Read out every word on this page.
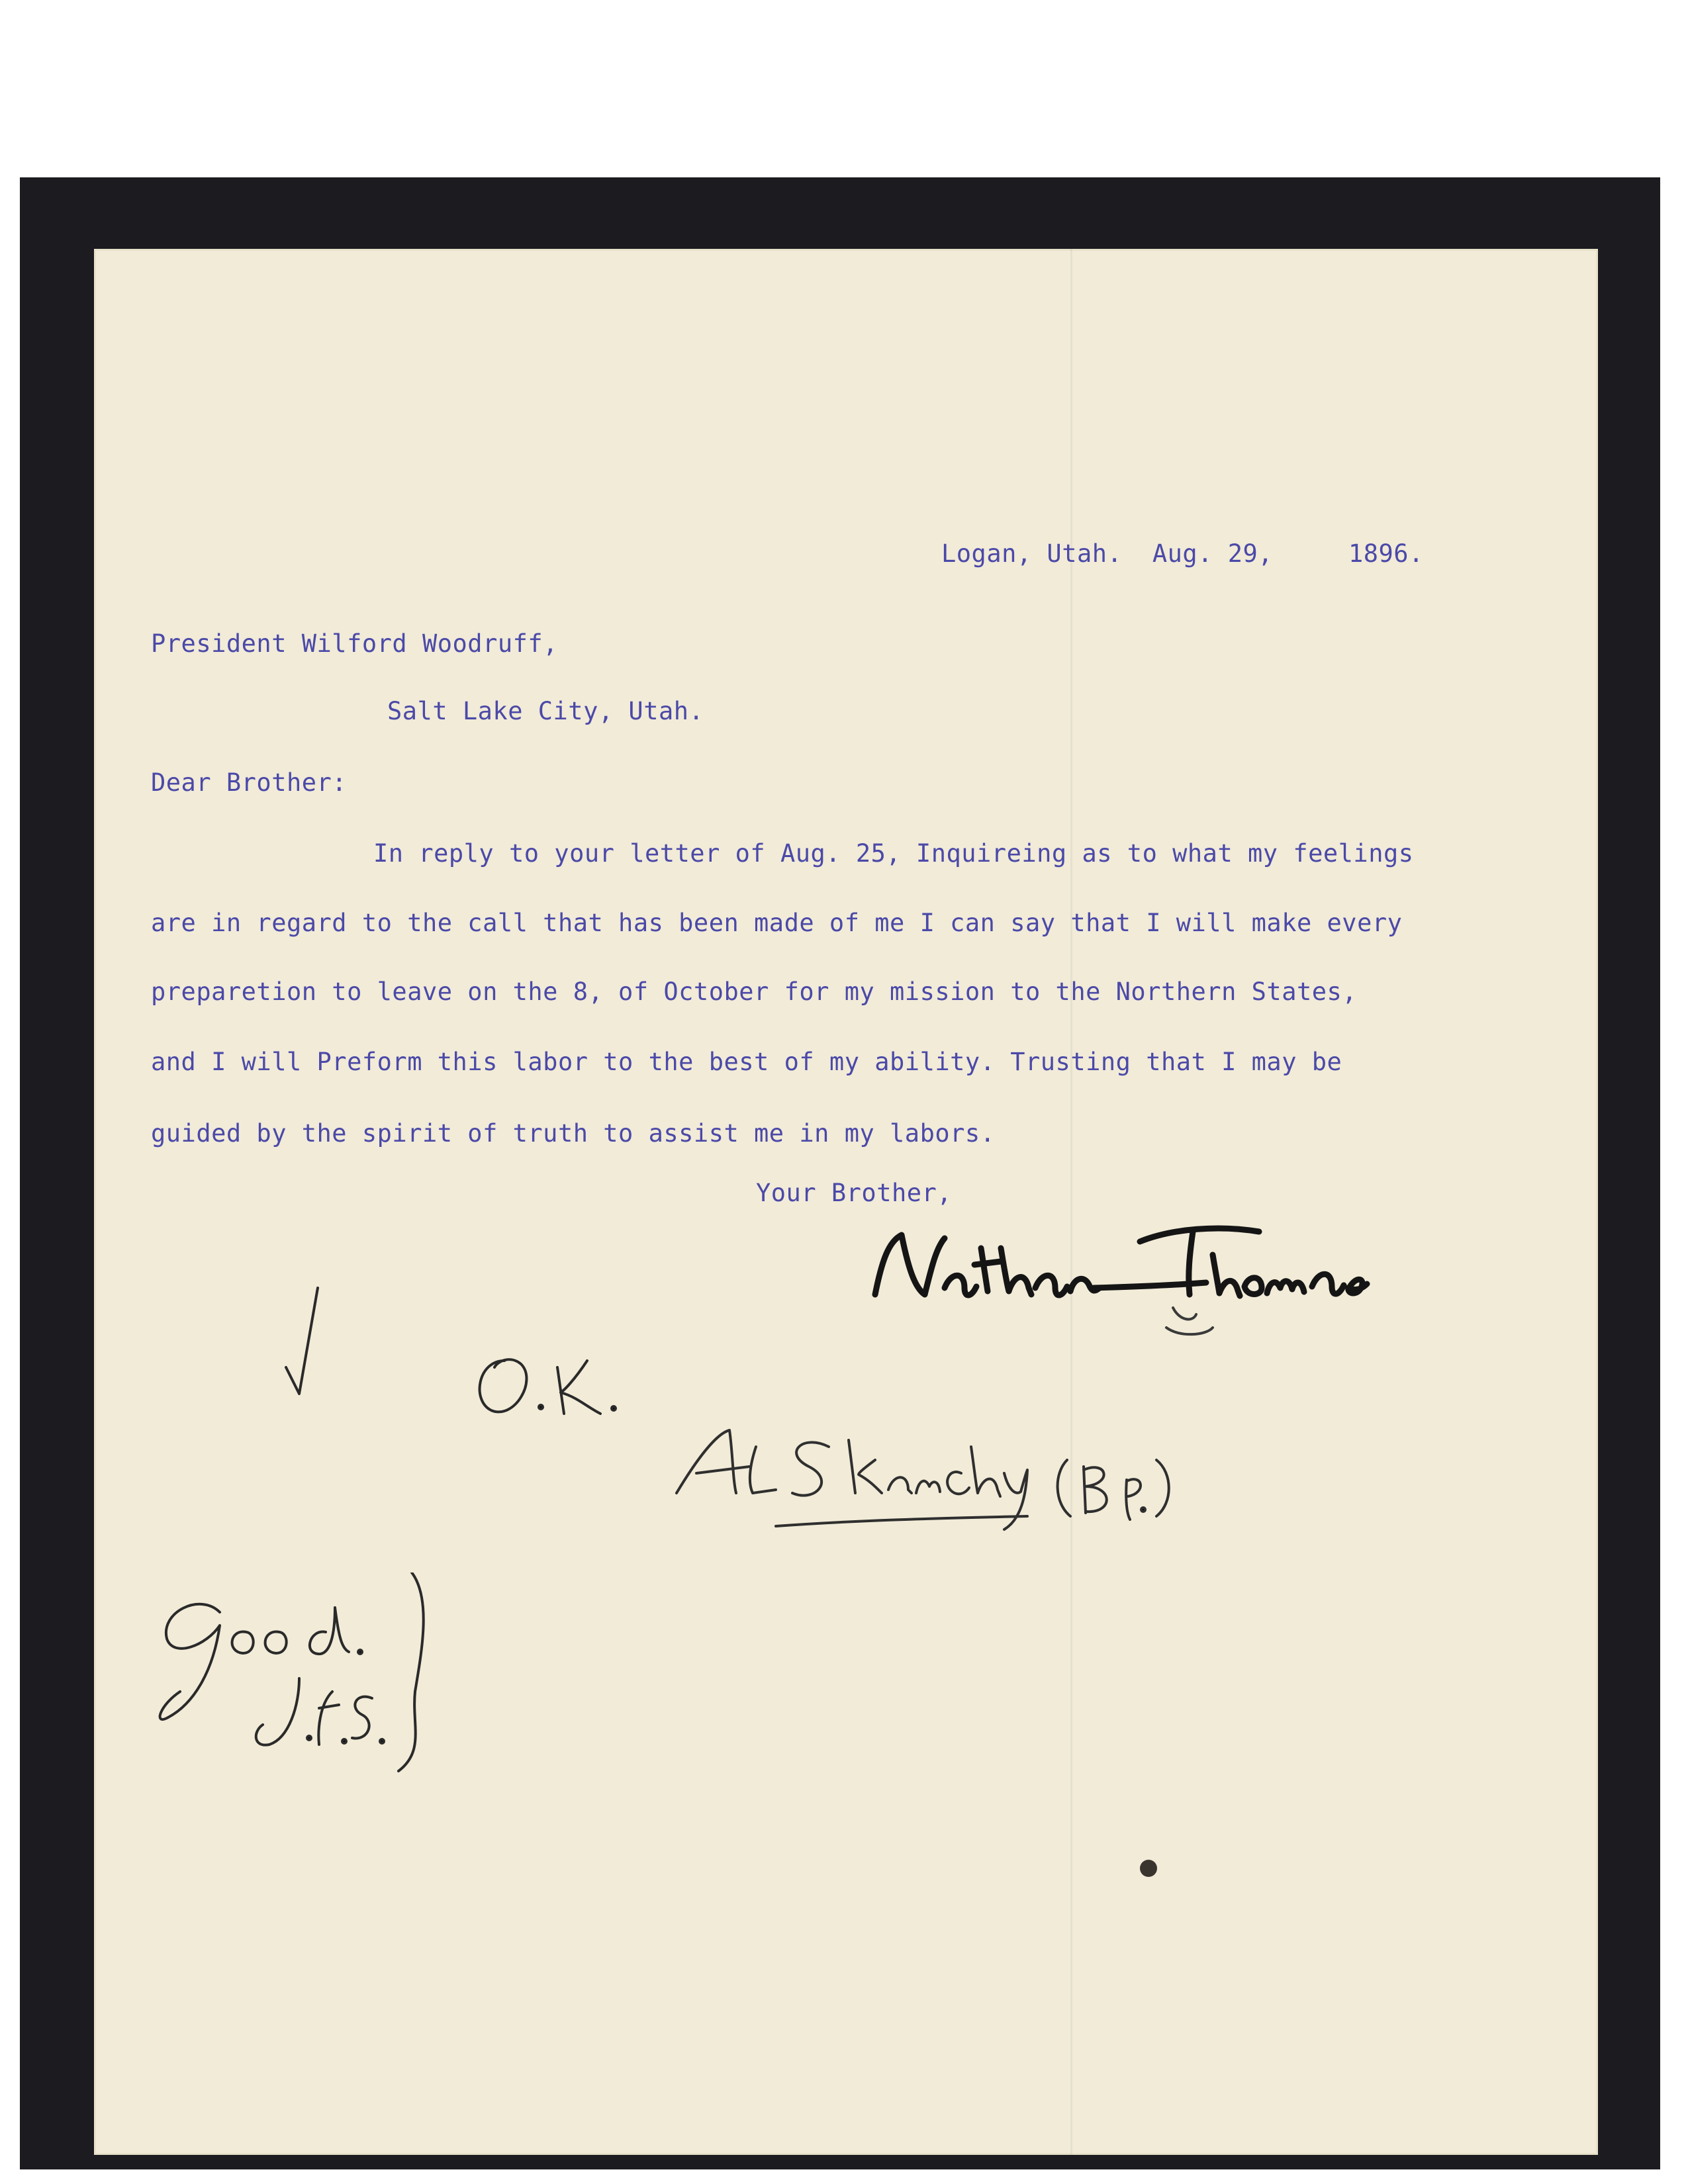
Logan, Utah.  Aug. 29,     1896.

President Wilford Woodruff,

Salt Lake City, Utah.

Dear Brother:

In reply to your letter of Aug. 25, Inquireing as to what my feelings

are in regard to the call that has been made of me I can say that I will make every

preparetion to leave on the 8, of October for my mission to the Northern States,

and I will Preform this labor to the best of my ability. Trusting that I may be

guided by the spirit of truth to assist me in my labors.

Your Brother,
